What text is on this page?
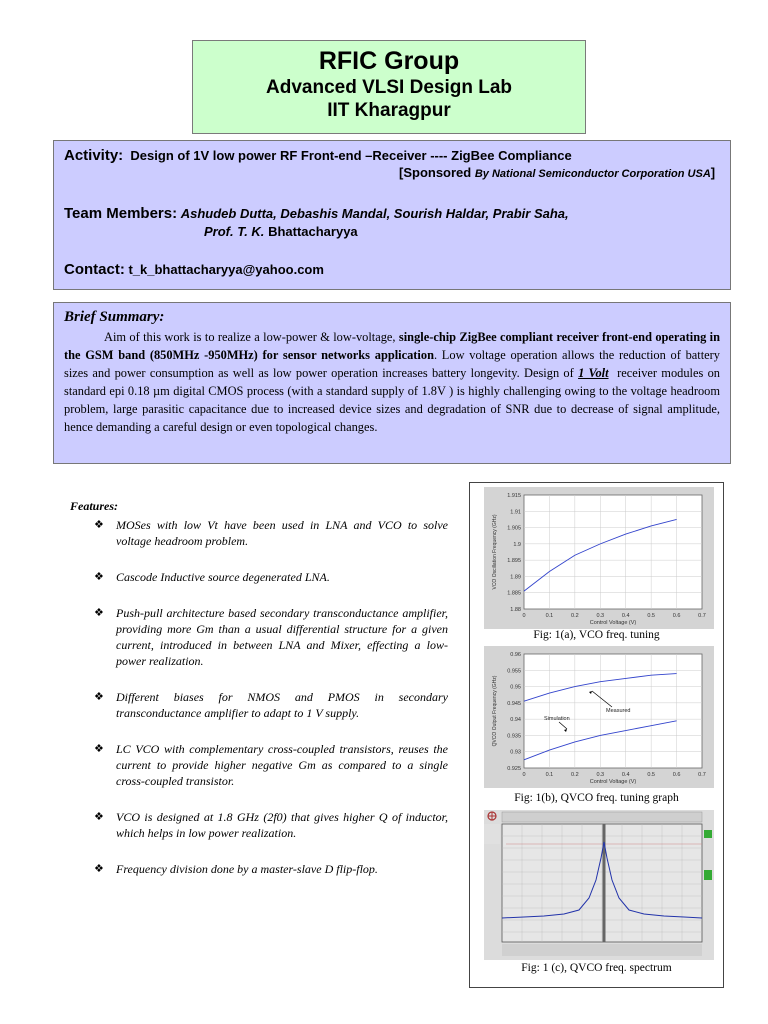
RFIC Group
Advanced VLSI Design Lab
IIT Kharagpur
Activity: Design of 1V low power RF Front-end –Receiver ---- ZigBee Compliance
[Sponsored By National Semiconductor Corporation USA]
Team Members: Ashudeb Dutta, Debashis Mandal, Sourish Haldar, Prabir Saha,
Prof. T. K. Bhattacharyya
Contact: t_k_bhattacharyya@yahoo.com
Brief Summary:
Aim of this work is to realize a low-power & low-voltage, single-chip ZigBee compliant receiver front-end operating in the GSM band (850MHz -950MHz) for sensor networks application. Low voltage operation allows the reduction of battery sizes and power consumption as well as low power operation increases battery longevity. Design of 1 Volt receiver modules on standard epi 0.18 µm digital CMOS process (with a standard supply of 1.8V ) is highly challenging owing to the voltage headroom problem, large parasitic capacitance due to increased device sizes and degradation of SNR due to decrease of signal amplitude, hence demanding a careful design or even topological changes.
Features:
❖ MOSes with low Vt have been used in LNA and VCO to solve voltage headroom problem.
❖ Cascode Inductive source degenerated LNA.
❖ Push-pull architecture based secondary transconductance amplifier, providing more Gm than a usual differential structure for a given current, introduced in between LNA and Mixer, effecting a low-power realization.
❖ Different biases for NMOS and PMOS in secondary transconductance amplifier to adapt to 1 V supply.
❖ LC VCO with complementary cross-coupled transistors, reuses the current to provide higher negative Gm as compared to a single cross-coupled transistor.
❖ VCO is designed at 1.8 GHz (2f0) that gives higher Q of inductor, which helps in low power realization.
❖ Frequency division done by a master-slave D flip-flop.
0	0.1	0.2	0.3	0.4	0.5	0.6	0.7
1.88
1.885
1.89
1.895
1.9
1.905
1.91
1.915
Control Voltage (V)
VCO Oscillation Frequency (GHz)
Fig: 1(a), VCO freq. tuning
0	0.1	0.2	0.3	0.4	0.5	0.6	0.7
0.925
0.93
0.935
0.94
0.945
0.95
0.955
0.96
Control Voltage (V)
QVCO Output Frequency (GHz)	Measured
Simulation
Fig: 1(b), QVCO freq. tuning graph
Fig: 1 (c), QVCO freq. spectrum
